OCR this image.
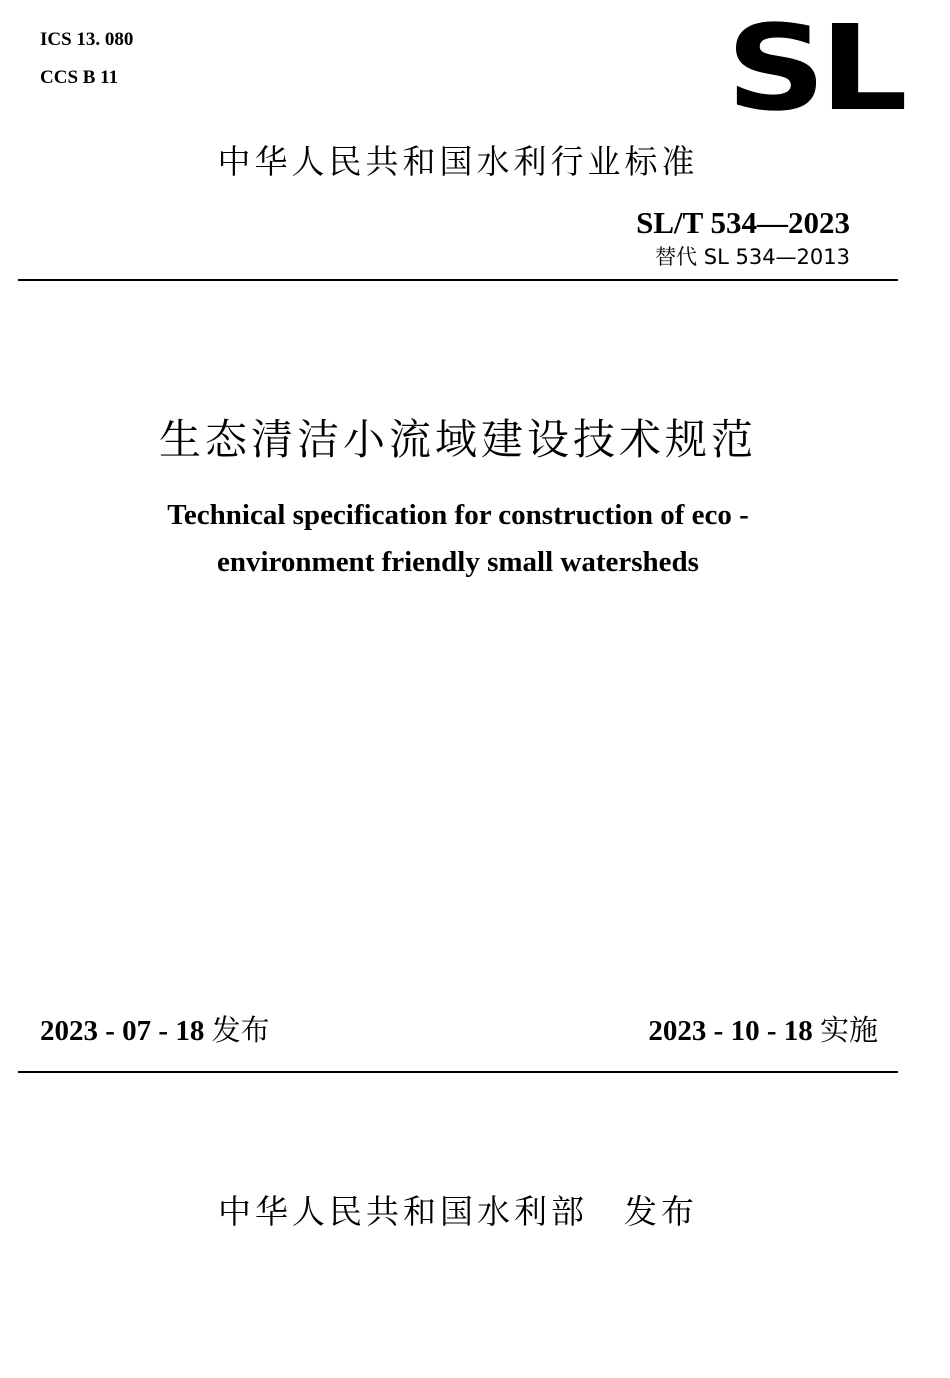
ICS 13. 080
CCS B 11	SL
中华人民共和国水利行业标准
SL/T 534—2023
替代 SL 534—2013
生态清洁小流域建设技术规范
Technical specification for construction of eco -
environment friendly small watersheds
2023 - 07 - 18 发布	2023 - 10 - 18 实施
中华人民共和国水利部 发布
